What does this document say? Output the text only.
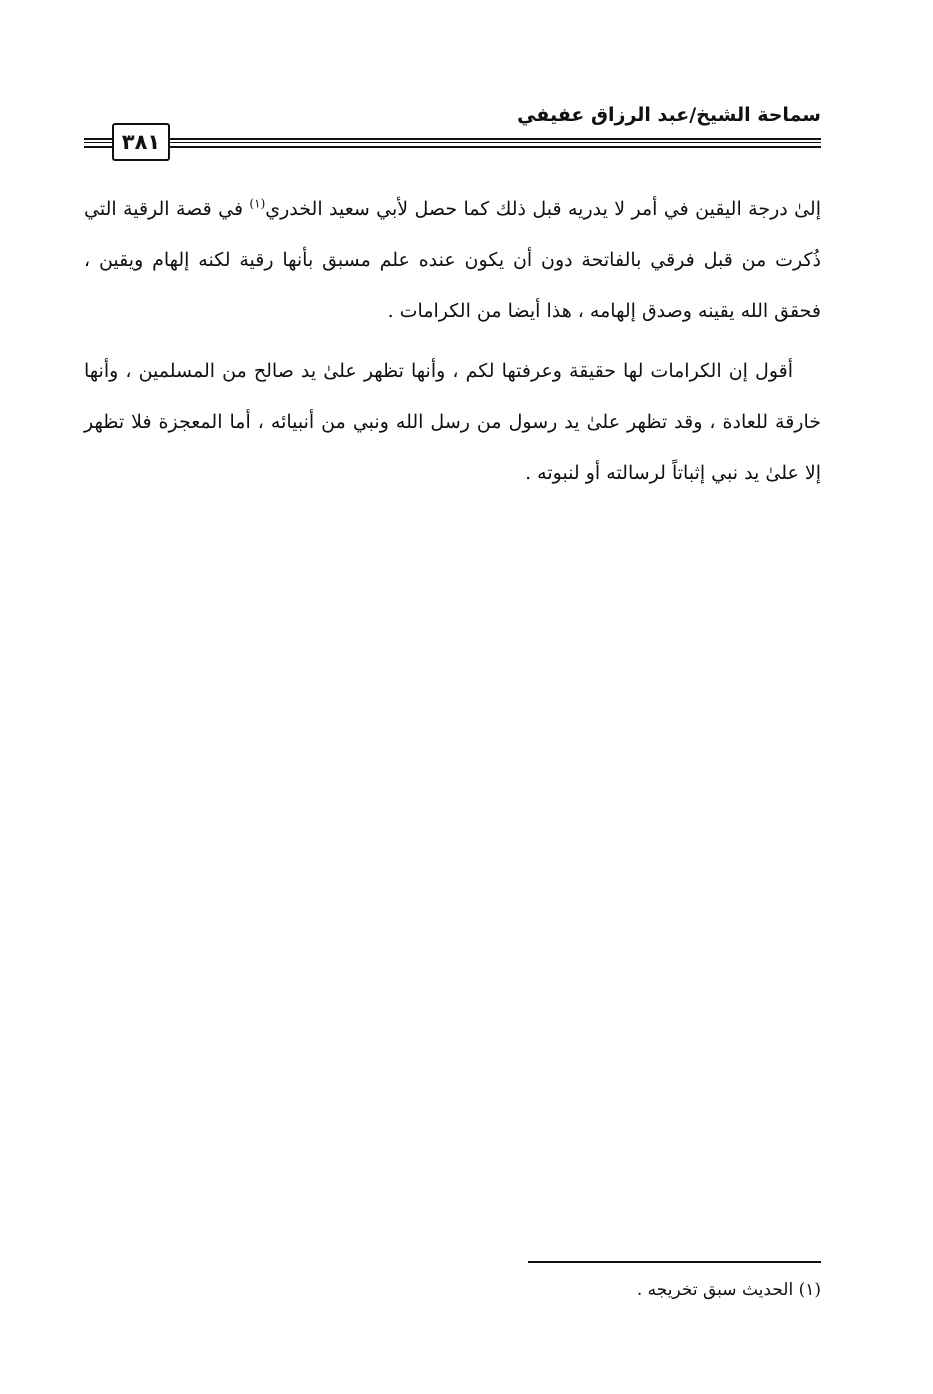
سماحة الشيخ/عبد الرزاق عفيفي
٣٨١

إلىٰ درجة اليقين في أمر لا يدريه قبل ذلك كما حصل لأبي سعيد الخدري$^{(١)}$ في قصة الرقية التي ذُكرت من قبل فرقي بالفاتحة دون أن يكون عنده علم مسبق بأنها رقية لكنه إلهام ويقين ، فحقق الله يقينه وصدق إلهامه ، هذا أيضا من الكرامات .

أقول إن الكرامات لها حقيقة وعرفتها لكم ، وأنها تظهر علىٰ يد صالح من المسلمين ، وأنها خارقة للعادة ، وقد تظهر علىٰ يد رسول من رسل الله ونبي من أنبيائه ، أما المعجزة فلا تظهر إلا علىٰ يد نبي إثباتاً لرسالته أو لنبوته .

(١) الحديث سبق تخريجه .
